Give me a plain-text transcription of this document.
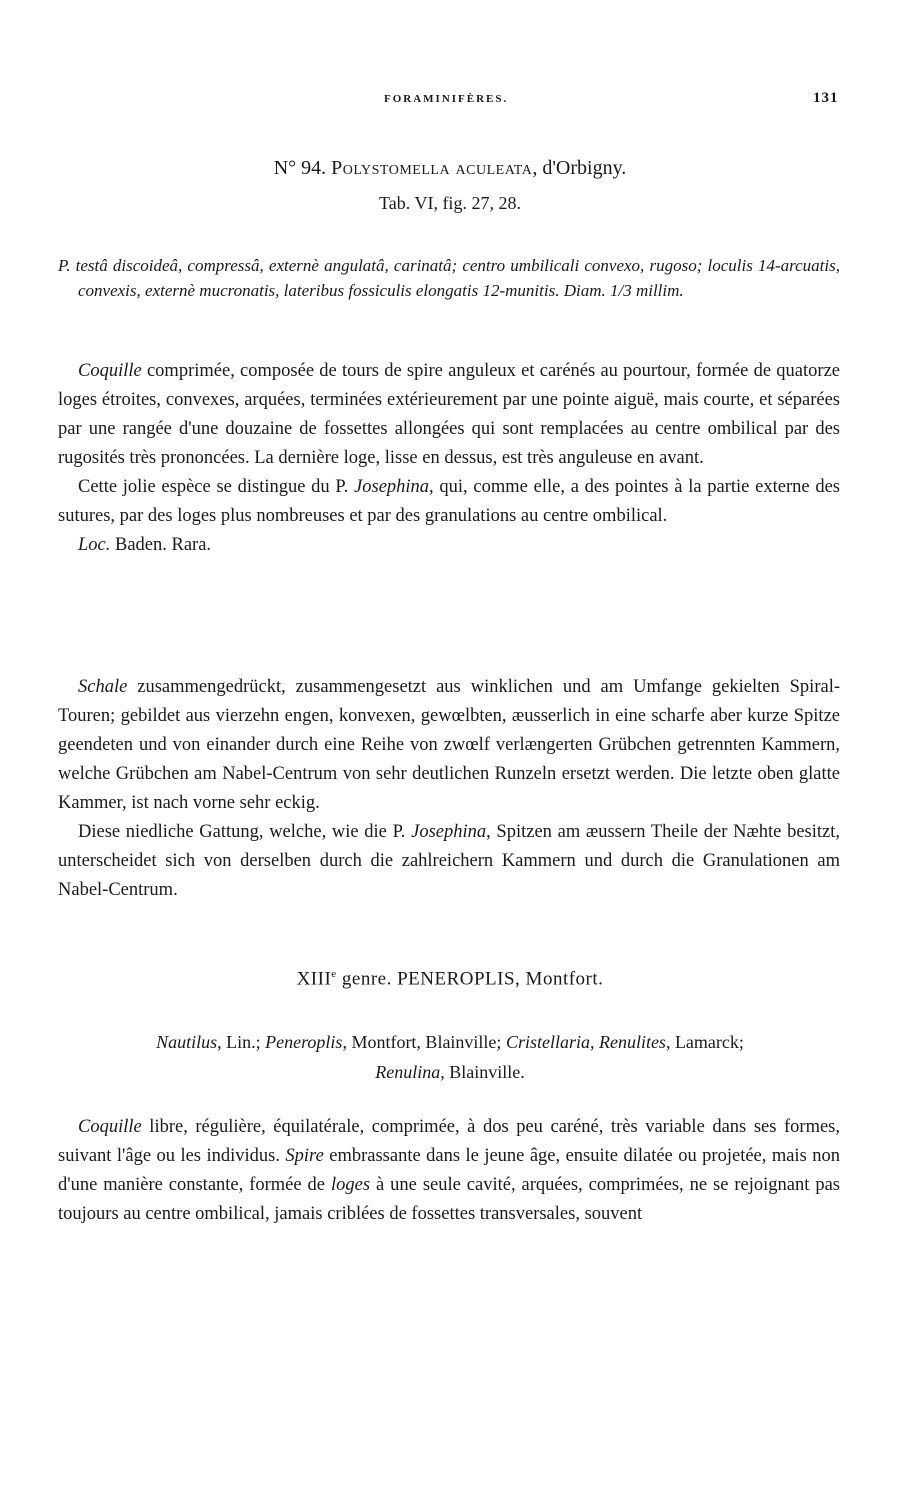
FORAMINIFÈRES.	131
N° 94. Polystomella aculeata, d'Orbigny.
Tab. VI, fig. 27, 28.

P. testâ discoideâ, compressâ, externè angulatâ, carinatâ; centro umbilicali convexo, rugoso; loculis 14-arcuatis, convexis, externè mucronatis, lateribus fossiculis elongatis 12-munitis. Diam. 1/3 millim.

Coquille comprimée, composée de tours de spire anguleux et carénés au pourtour, formée de quatorze loges étroites, convexes, arquées, terminées extérieurement par une pointe aiguë, mais courte, et séparées par une rangée d'une douzaine de fossettes allongées qui sont remplacées au centre ombilical par des rugosités très prononcées. La dernière loge, lisse en dessus, est très anguleuse en avant.

Cette jolie espèce se distingue du P. Josephina, qui, comme elle, a des pointes à la partie externe des sutures, par des loges plus nombreuses et par des granulations au centre ombilical.

Loc. Baden. Rara.

Schale zusammengedrückt, zusammengesetzt aus winklichen und am Umfange gekielten Spiral-Touren; gebildet aus vierzehn engen, konvexen, gewœlbten, æusserlich in eine scharfe aber kurze Spitze geendeten und von einander durch eine Reihe von zwœlf verlængerten Grübchen getrennten Kammern, welche Grübchen am Nabel-Centrum von sehr deutlichen Runzeln ersetzt werden. Die letzte oben glatte Kammer, ist nach vorne sehr eckig.

Diese niedliche Gattung, welche, wie die P. Josephina, Spitzen am æussern Theile der Næhte besitzt, unterscheidet sich von derselben durch die zahlreichern Kammern und durch die Granulationen am Nabel-Centrum.

XIIIe genre. PENEROPLIS, Montfort.
Nautilus, Lin.; Peneroplis, Montfort, Blainville; Cristellaria, Renulites, Lamarck;
Renulina, Blainville.

Coquille libre, régulière, équilatérale, comprimée, à dos peu caréné, très variable dans ses formes, suivant l'âge ou les individus. Spire embrassante dans le jeune âge, ensuite dilatée ou projetée, mais non d'une manière constante, formée de loges à une seule cavité, arquées, comprimées, ne se rejoignant pas toujours au centre ombilical, jamais criblées de fossettes transversales, souvent
